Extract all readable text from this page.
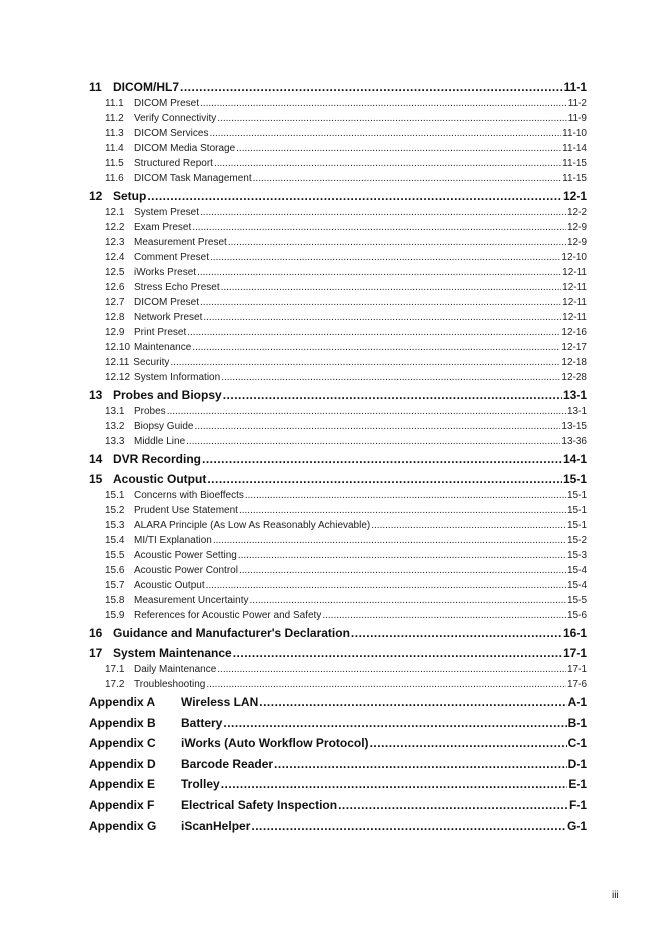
11 DICOM/HL7 .....	11-1
11.1	DICOM Preset .....	11-2
11.2	Verify Connectivity .....	11-9
11.3	DICOM Services .....	11-10
11.4	DICOM Media Storage .....	11-14
11.5	Structured Report .....	11-15
11.6	DICOM Task Management .....	11-15
12 Setup .....	12-1
12.1 System Preset .....	12-2
12.2 Exam Preset .....	12-9
12.3 Measurement Preset .....	12-9
12.4 Comment Preset .....	12-10
12.5 iWorks Preset .....	12-11
12.6 Stress Echo Preset .....	12-11
12.7 DICOM Preset .....	12-11
12.8 Network Preset .....	12-11
12.9 Print Preset .....	12-16
12.10 Maintenance .....	12-17
12.11 Security .....	12-18
12.12 System Information .....	12-28
13 Probes and Biopsy .....	13-1
13.1 Probes .....	13-1
13.2 Biopsy Guide .....	13-15
13.3 Middle Line .....	13-36
14 DVR Recording .....	14-1
15 Acoustic Output .....	15-1
15.1 Concerns with Bioeffects .....	15-1
15.2 Prudent Use Statement .....	15-1
15.3 ALARA Principle (As Low As Reasonably Achievable) .....	15-1
15.4 MI/TI Explanation .....	15-2
15.5 Acoustic Power Setting .....	15-3
15.6 Acoustic Power Control .....	15-4
15.7 Acoustic Output .....	15-4
15.8 Measurement Uncertainty .....	15-5
15.9 References for Acoustic Power and Safety .....	15-6
16 Guidance and Manufacturer's Declaration .....	16-1
17 System Maintenance .....	17-1
17.1 Daily Maintenance .....	17-1
17.2 Troubleshooting .....	17-6
Appendix A	Wireless LAN .....	A-1
Appendix B	Battery .....	B-1
Appendix C	iWorks (Auto Workflow Protocol) .....	C-1
Appendix D	Barcode Reader .....	D-1
Appendix E	Trolley .....	E-1
Appendix F	Electrical Safety Inspection .....	F-1
Appendix G	iScanHelper .....	G-1
iii
